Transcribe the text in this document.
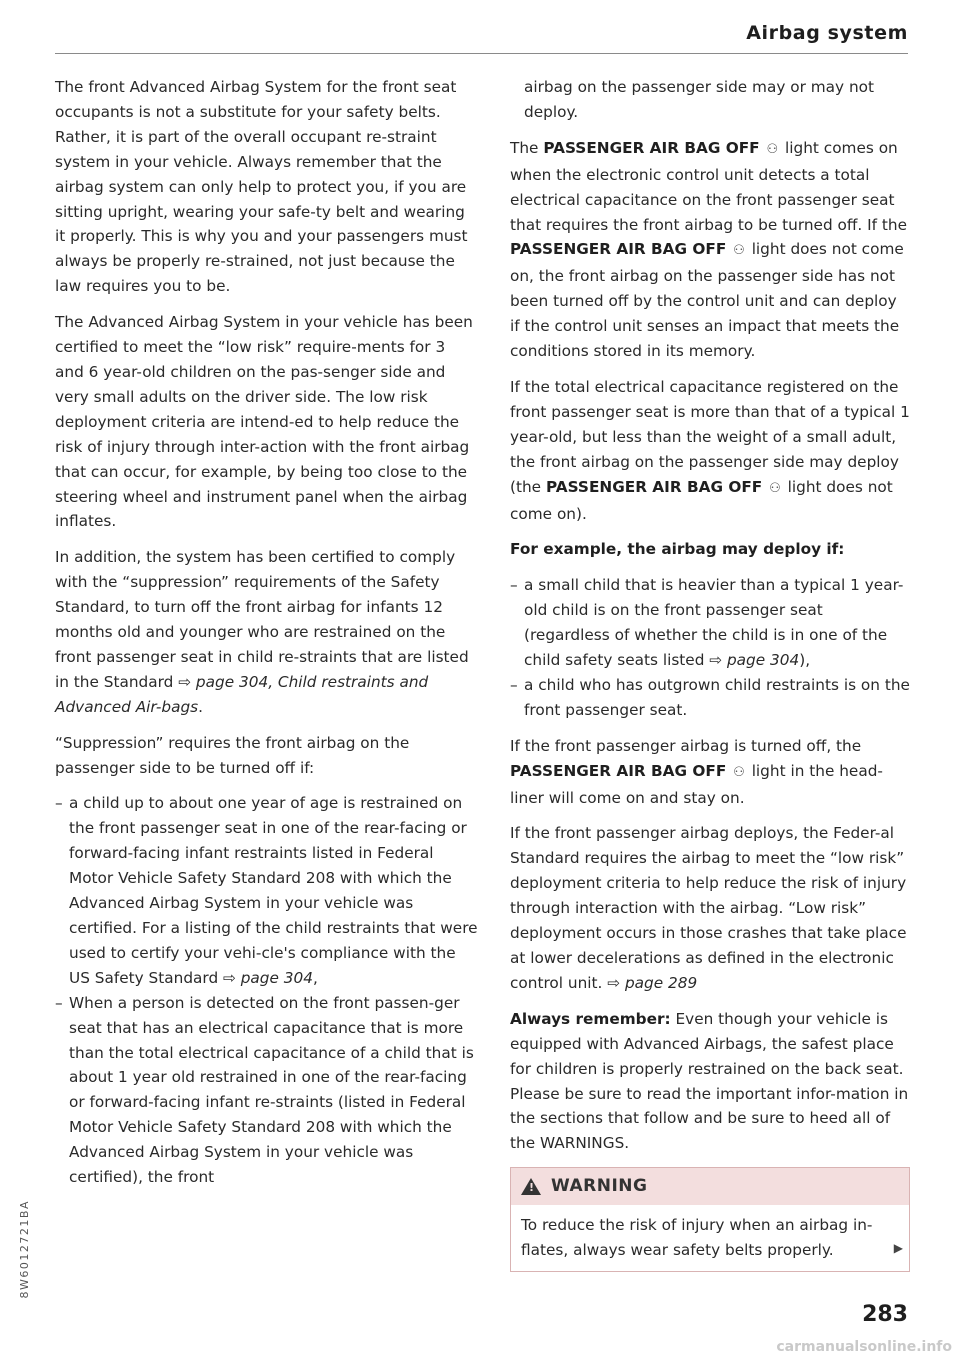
Airbag system

The front Advanced Airbag System for the front seat occupants is not a substitute for your safety belts. Rather, it is part of the overall occupant re-straint system in your vehicle. Always remember that the airbag system can only help to protect you, if you are sitting upright, wearing your safe-ty belt and wearing it properly. This is why you and your passengers must always be properly re-strained, not just because the law requires you to be.

The Advanced Airbag System in your vehicle has been certified to meet the “low risk” require-ments for 3 and 6 year-old children on the pas-senger side and very small adults on the driver side. The low risk deployment criteria are intend-ed to help reduce the risk of injury through inter-action with the front airbag that can occur, for example, by being too close to the steering wheel and instrument panel when the airbag inflates.

In addition, the system has been certified to comply with the “suppression” requirements of the Safety Standard, to turn off the front airbag for infants 12 months old and younger who are restrained on the front passenger seat in child re-straints that are listed in the Standard ⇨ page 304, Child restraints and Advanced Air-bags.

“Suppression” requires the front airbag on the passenger side to be turned off if:

– a child up to about one year of age is restrained on the front passenger seat in one of the rear-facing or forward-facing infant restraints listed in Federal Motor Vehicle Safety Standard 208 with which the Advanced Airbag System in your vehicle was certified. For a listing of the child restraints that were used to certify your vehi-cle's compliance with the US Safety Standard ⇨ page 304,
– When a person is detected on the front passen-ger seat that has an electrical capacitance that is more than the total electrical capacitance of a child that is about 1 year old restrained in one of the rear-facing or forward-facing infant re-straints (listed in Federal Motor Vehicle Safety Standard 208 with which the Advanced Airbag System in your vehicle was certified), the front

airbag on the passenger side may or may not deploy.

The PASSENGER AIR BAG OFF ⚇ light comes on when the electronic control unit detects a total electrical capacitance on the front passenger seat that requires the front airbag to be turned off. If the PASSENGER AIR BAG OFF ⚇ light does not come on, the front airbag on the passenger side has not been turned off by the control unit and can deploy if the control unit senses an impact that meets the conditions stored in its memory.

If the total electrical capacitance registered on the front passenger seat is more than that of a typical 1 year-old, but less than the weight of a small adult, the front airbag on the passenger side may deploy (the PASSENGER AIR BAG OFF ⚇ light does not come on).

For example, the airbag may deploy if:

– a small child that is heavier than a typical 1 year-old child is on the front passenger seat (regardless of whether the child is in one of the child safety seats listed ⇨ page 304),
– a child who has outgrown child restraints is on the front passenger seat.

If the front passenger airbag is turned off, the PASSENGER AIR BAG OFF ⚇ light in the head-liner will come on and stay on.

If the front passenger airbag deploys, the Feder-al Standard requires the airbag to meet the “low risk” deployment criteria to help reduce the risk of injury through interaction with the airbag. “Low risk” deployment occurs in those crashes that take place at lower decelerations as defined in the electronic control unit. ⇨ page 289

Always remember: Even though your vehicle is equipped with Advanced Airbags, the safest place for children is properly restrained on the back seat. Please be sure to read the important infor-mation in the sections that follow and be sure to heed all of the WARNINGS.

! WARNING
To reduce the risk of injury when an airbag in-flates, always wear safety belts properly.	▶
8W6012721BA
283
carmanualsonline.info
